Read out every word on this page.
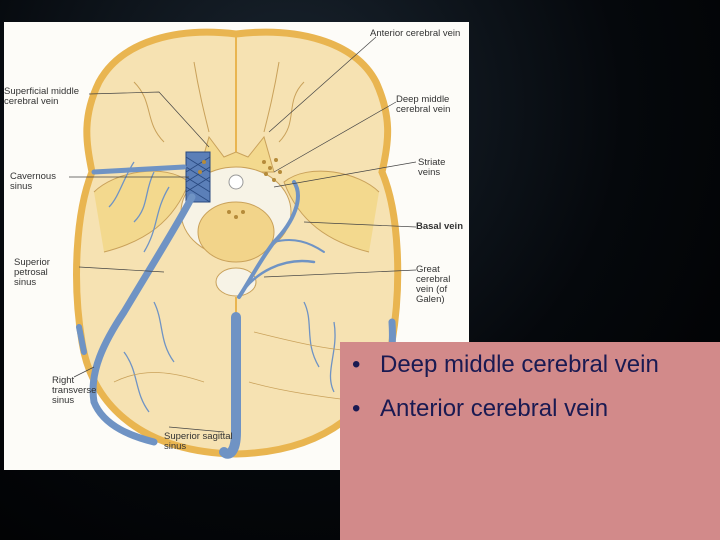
Anterior cerebral vein
Superficial middle cerebral vein	Deep middle cerebral vein
Cavernous sinus
Striate veins
Basal vein
Superior petrosal sinus
Great cerebral vein (of Galen)
Right transverse sinus
Superior sagittal sinus
• Deep middle cerebral vein
• Anterior cerebral vein
